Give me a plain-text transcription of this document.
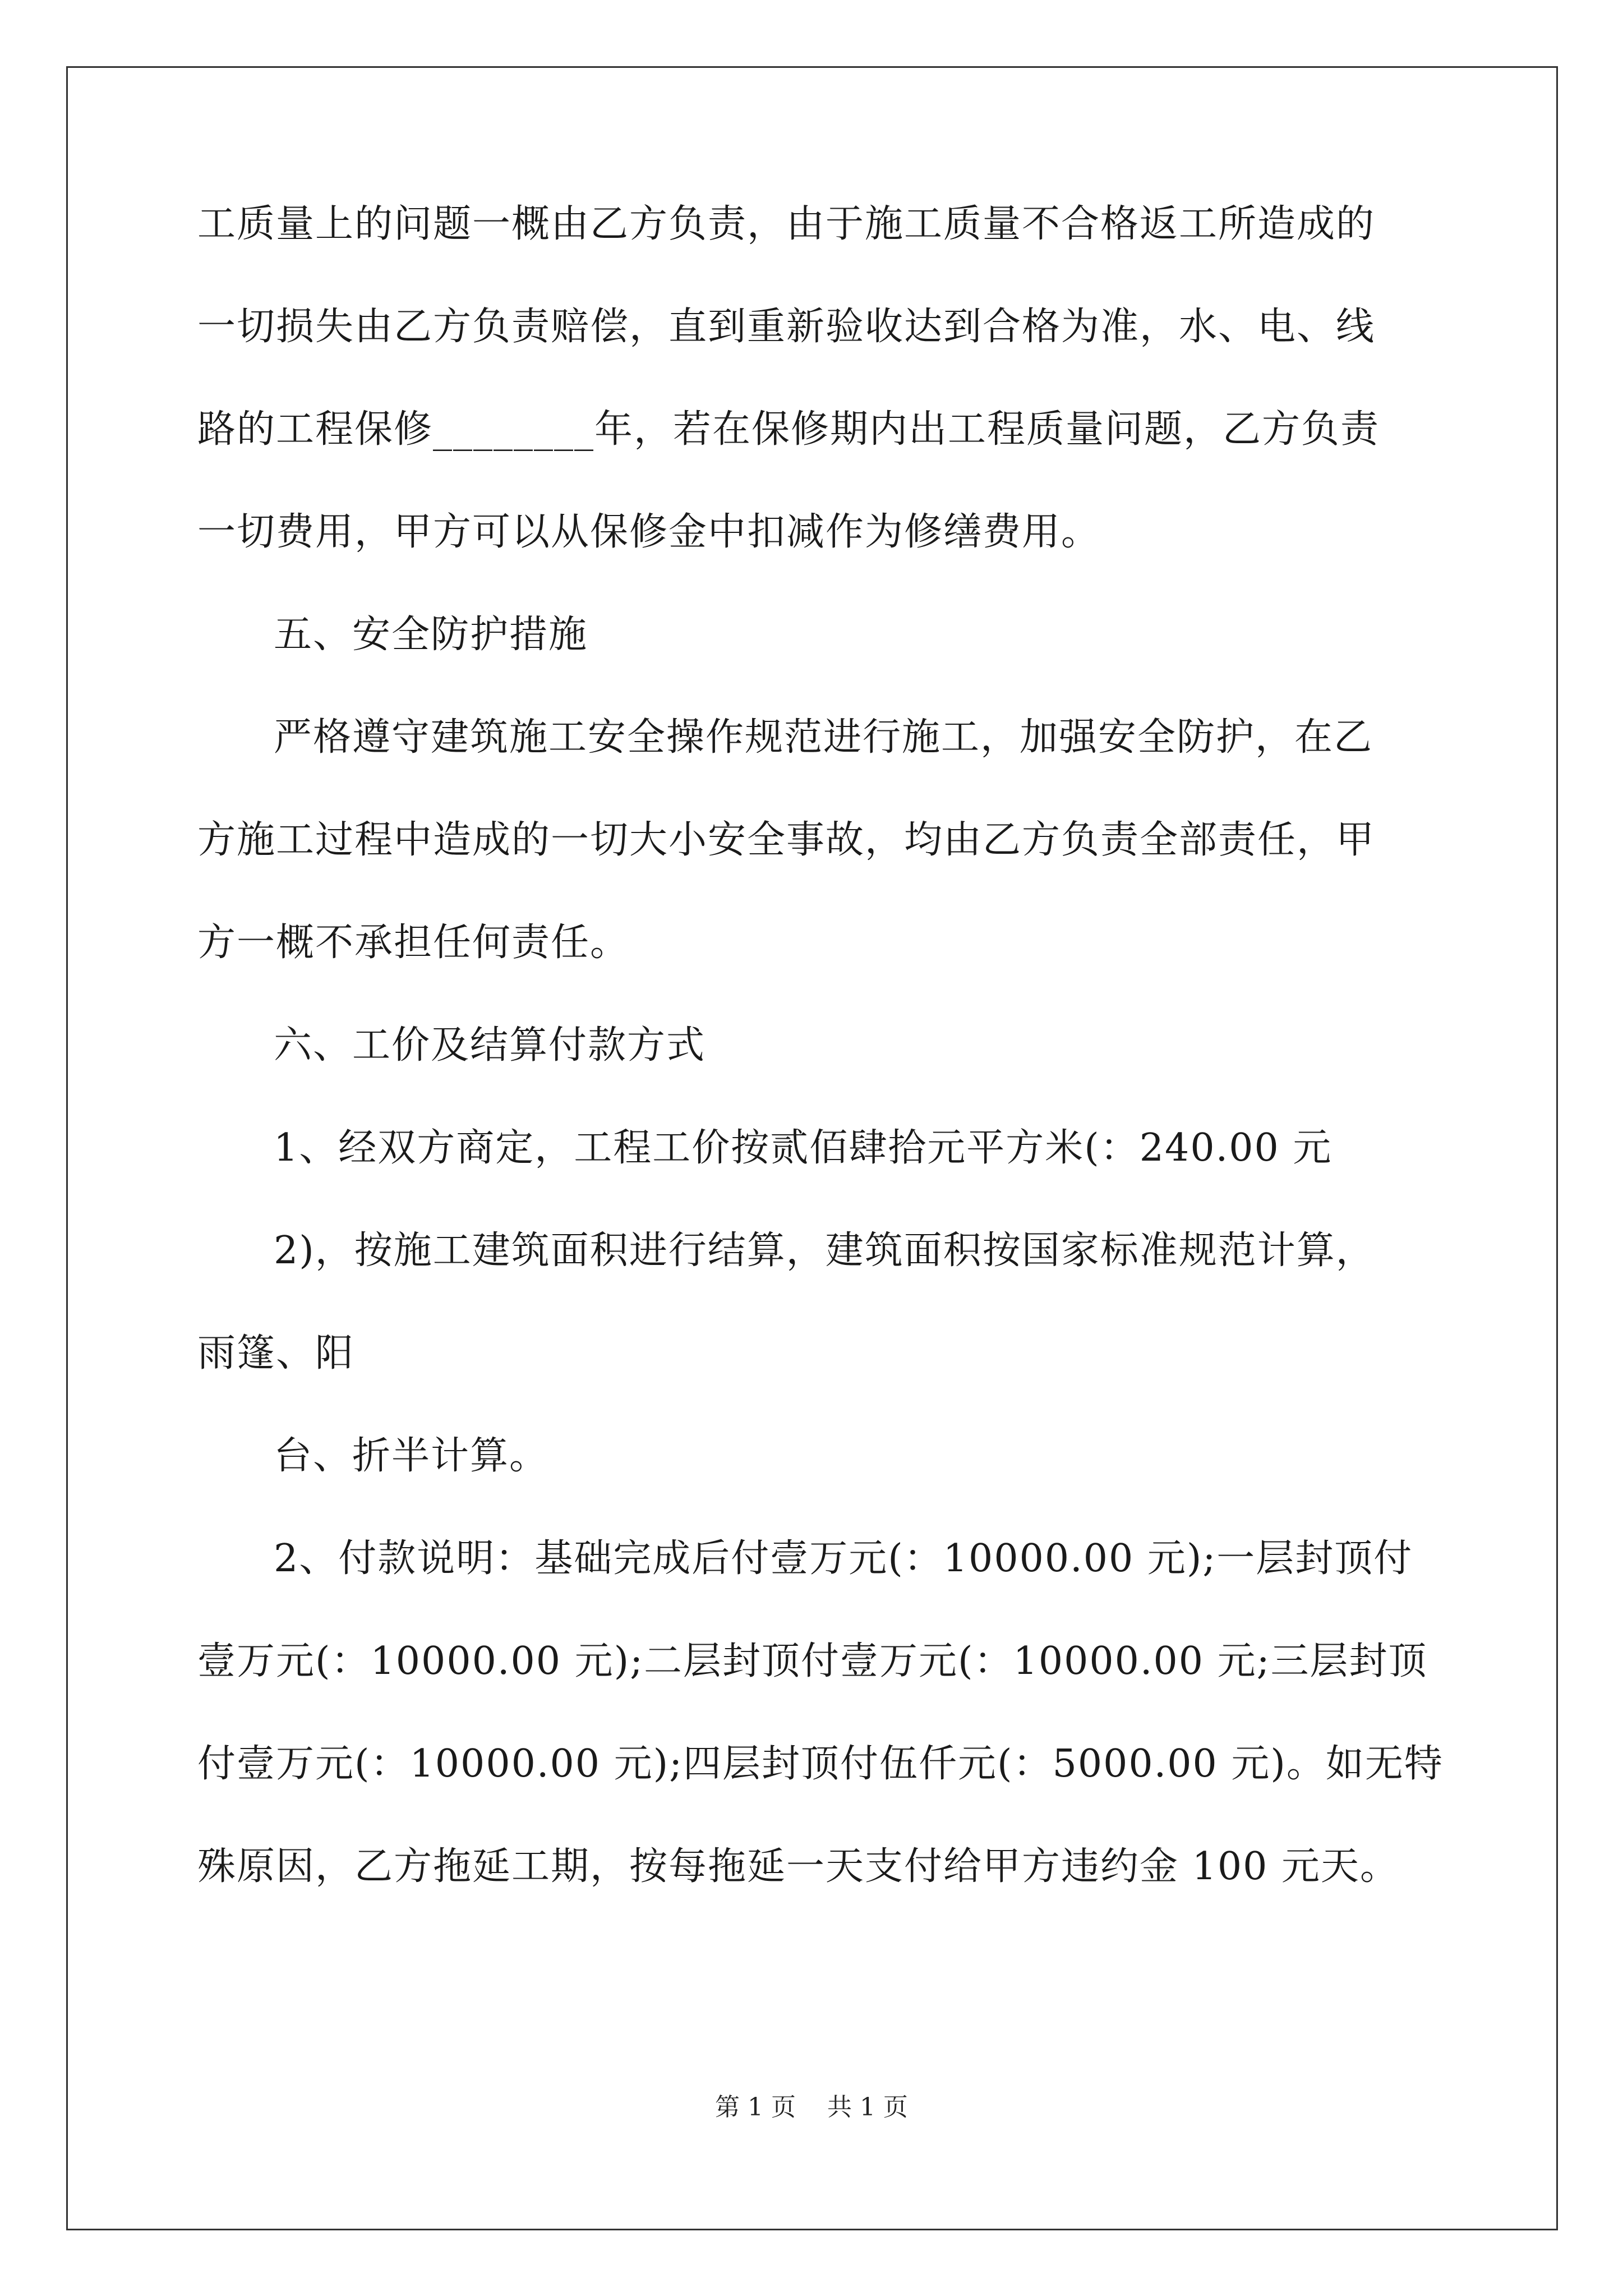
工质量上的问题一概由乙方负责，由于施工质量不合格返工所造成的
一切损失由乙方负责赔偿，直到重新验收达到合格为准，水、电、线
路的工程保修________年，若在保修期内出工程质量问题，乙方负责
一切费用，甲方可以从保修金中扣减作为修缮费用。
五、安全防护措施
严格遵守建筑施工安全操作规范进行施工，加强安全防护，在乙
方施工过程中造成的一切大小安全事故，均由乙方负责全部责任，甲
方一概不承担任何责任。
六、工价及结算付款方式
1、经双方商定，工程工价按贰佰肆拾元平方米(：240.00 元
2)，按施工建筑面积进行结算，建筑面积按国家标准规范计算，
雨篷、阳
台、折半计算。
2、付款说明：基础完成后付壹万元(：10000.00 元);一层封顶付
壹万元(：10000.00 元);二层封顶付壹万元(：10000.00 元;三层封顶
付壹万元(：10000.00 元);四层封顶付伍仟元(：5000.00 元)。如无特
殊原因，乙方拖延工期，按每拖延一天支付给甲方违约金 100 元天。
第 1 页    共 1 页
